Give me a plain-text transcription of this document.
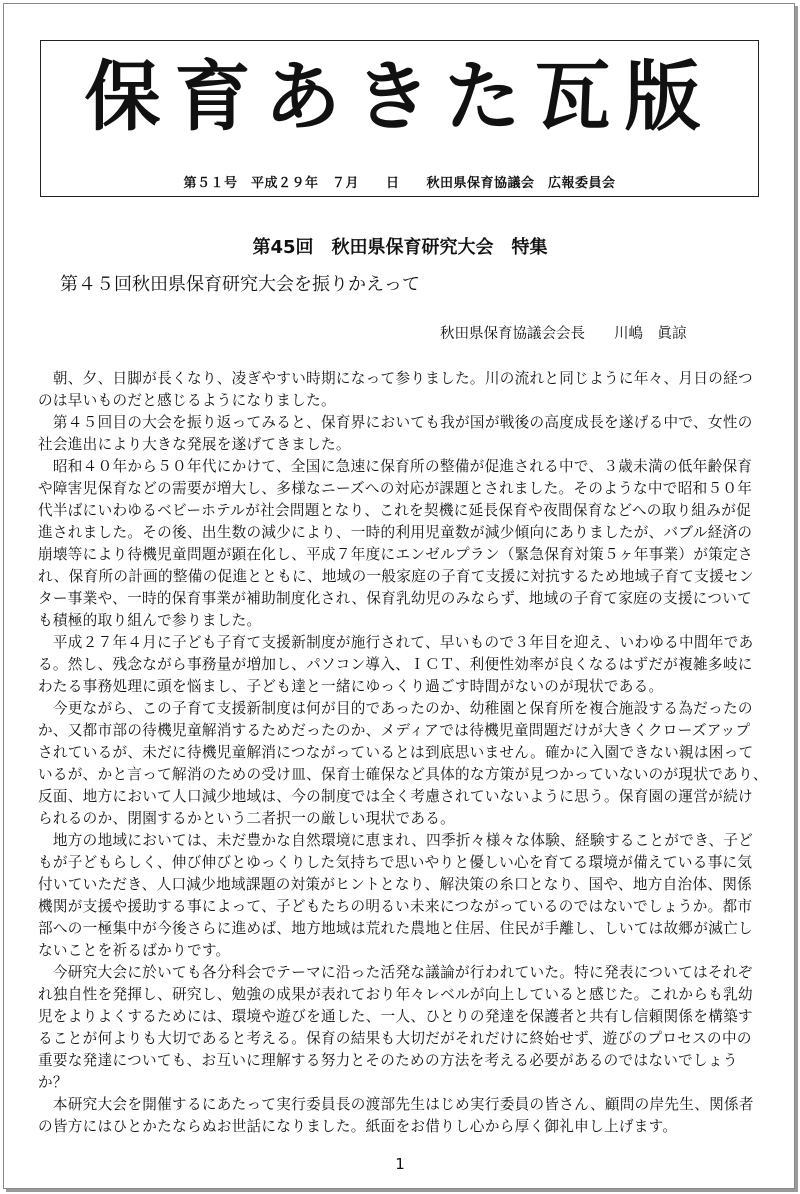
保育あきた瓦版
第５１号　平成２９年　７月　　日　　秋田県保育協議会　広報委員会
第45回　秋田県保育研究大会　特集
第４５回秋田県保育研究大会を振りかえって
秋田県保育協議会会長　　川嶋　眞諒
　朝、夕、日脚が長くなり、凌ぎやすい時期になって参りました。川の流れと同じように年々、月日の経つ
のは早いものだと感じるようになりました。
　第４５回目の大会を振り返ってみると、保育界においても我が国が戦後の高度成長を遂げる中で、女性の
社会進出により大きな発展を遂げてきました。
　昭和４０年から５０年代にかけて、全国に急速に保育所の整備が促進される中で、３歳未満の低年齢保育
や障害児保育などの需要が増大し、多様なニーズへの対応が課題とされました。そのような中で昭和５０年
代半ばにいわゆるベビーホテルが社会問題となり、これを契機に延長保育や夜間保育などへの取り組みが促
進されました。その後、出生数の減少により、一時的利用児童数が減少傾向にありましたが、バブル経済の
崩壊等により待機児童問題が顕在化し、平成７年度にエンゼルプラン（緊急保育対策５ヶ年事業）が策定さ
れ、保育所の計画的整備の促進とともに、地域の一般家庭の子育て支援に対抗するため地域子育て支援セン
ター事業や、一時的保育事業が補助制度化され、保育乳幼児のみならず、地域の子育て家庭の支援について
も積極的取り組んで参りました。
　平成２７年４月に子ども子育て支援新制度が施行されて、早いもので３年目を迎え、いわゆる中間年であ
る。然し、残念ながら事務量が増加し、パソコン導入、ＩＣＴ、利便性効率が良くなるはずだが複雑多岐に
わたる事務処理に頭を悩まし、子ども達と一緒にゆっくり過ごす時間がないのが現状である。
　今更ながら、この子育て支援新制度は何が目的であったのか、幼稚園と保育所を複合施設する為だったの
か、又都市部の待機児童解消するためだったのか、メディアでは待機児童問題だけが大きくクローズアップ
されているが、未だに待機児童解消につながっているとは到底思いません。確かに入園できない親は困って
いるが、かと言って解消のための受け皿、保育士確保など具体的な方策が見つかっていないのが現状であり、
反面、地方において人口減少地域は、今の制度では全く考慮されていないように思う。保育園の運営が続け
られるのか、閉園するかという二者択一の厳しい現状である。
　地方の地域においては、未だ豊かな自然環境に恵まれ、四季折々様々な体験、経験することができ、子ど
もが子どもらしく、伸び伸びとゆっくりした気持ちで思いやりと優しい心を育てる環境が備えている事に気
付いていただき、人口減少地域課題の対策がヒントとなり、解決策の糸口となり、国や、地方自治体、関係
機関が支援や援助する事によって、子どもたちの明るい未来につながっているのではないでしょうか。都市
部への一極集中が今後さらに進めば、地方地域は荒れた農地と住居、住民が手離し、しいては故郷が滅亡し
ないことを祈るばかりです。
　今研究大会に於いても各分科会でテーマに沿った活発な議論が行われていた。特に発表についてはそれぞ
れ独自性を発揮し、研究し、勉強の成果が表れており年々レベルが向上していると感じた。これからも乳幼
児をよりよくするためには、環境や遊びを通した、一人、ひとりの発達を保護者と共有し信頼関係を構築す
ることが何よりも大切であると考える。保育の結果も大切だがそれだけに終始せず、遊びのプロセスの中の
重要な発達についても、お互いに理解する努力とそのための方法を考える必要があるのではないでしょう
か？
　本研究大会を開催するにあたって実行委員長の渡部先生はじめ実行委員の皆さん、顧問の岸先生、関係者
の皆方にはひとかたならぬお世話になりました。紙面をお借りし心から厚く御礼申し上げます。
1
